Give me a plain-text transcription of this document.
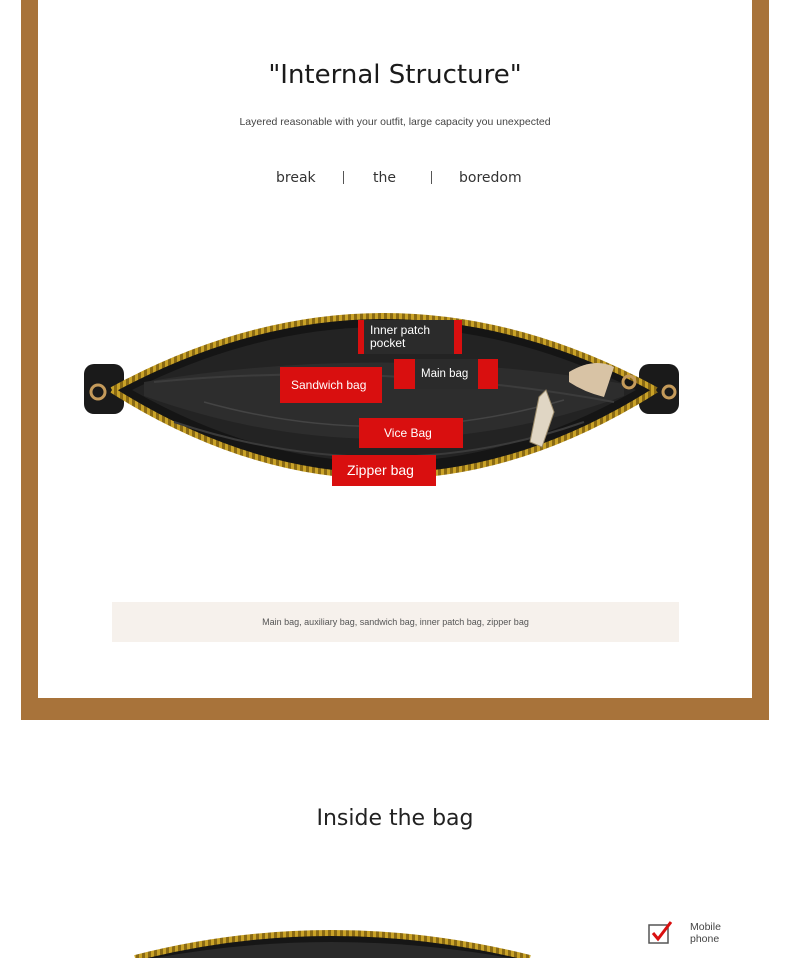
"Internal Structure"
Layered reasonable with your outfit, large capacity you unexpected
break	the	boredom
Inner patch pocket
Sandwich bag
Main bag
Vice Bag
Zipper bag
Main bag, auxiliary bag, sandwich bag, inner patch bag, zipper bag
Inside the bag
Mobile phone
